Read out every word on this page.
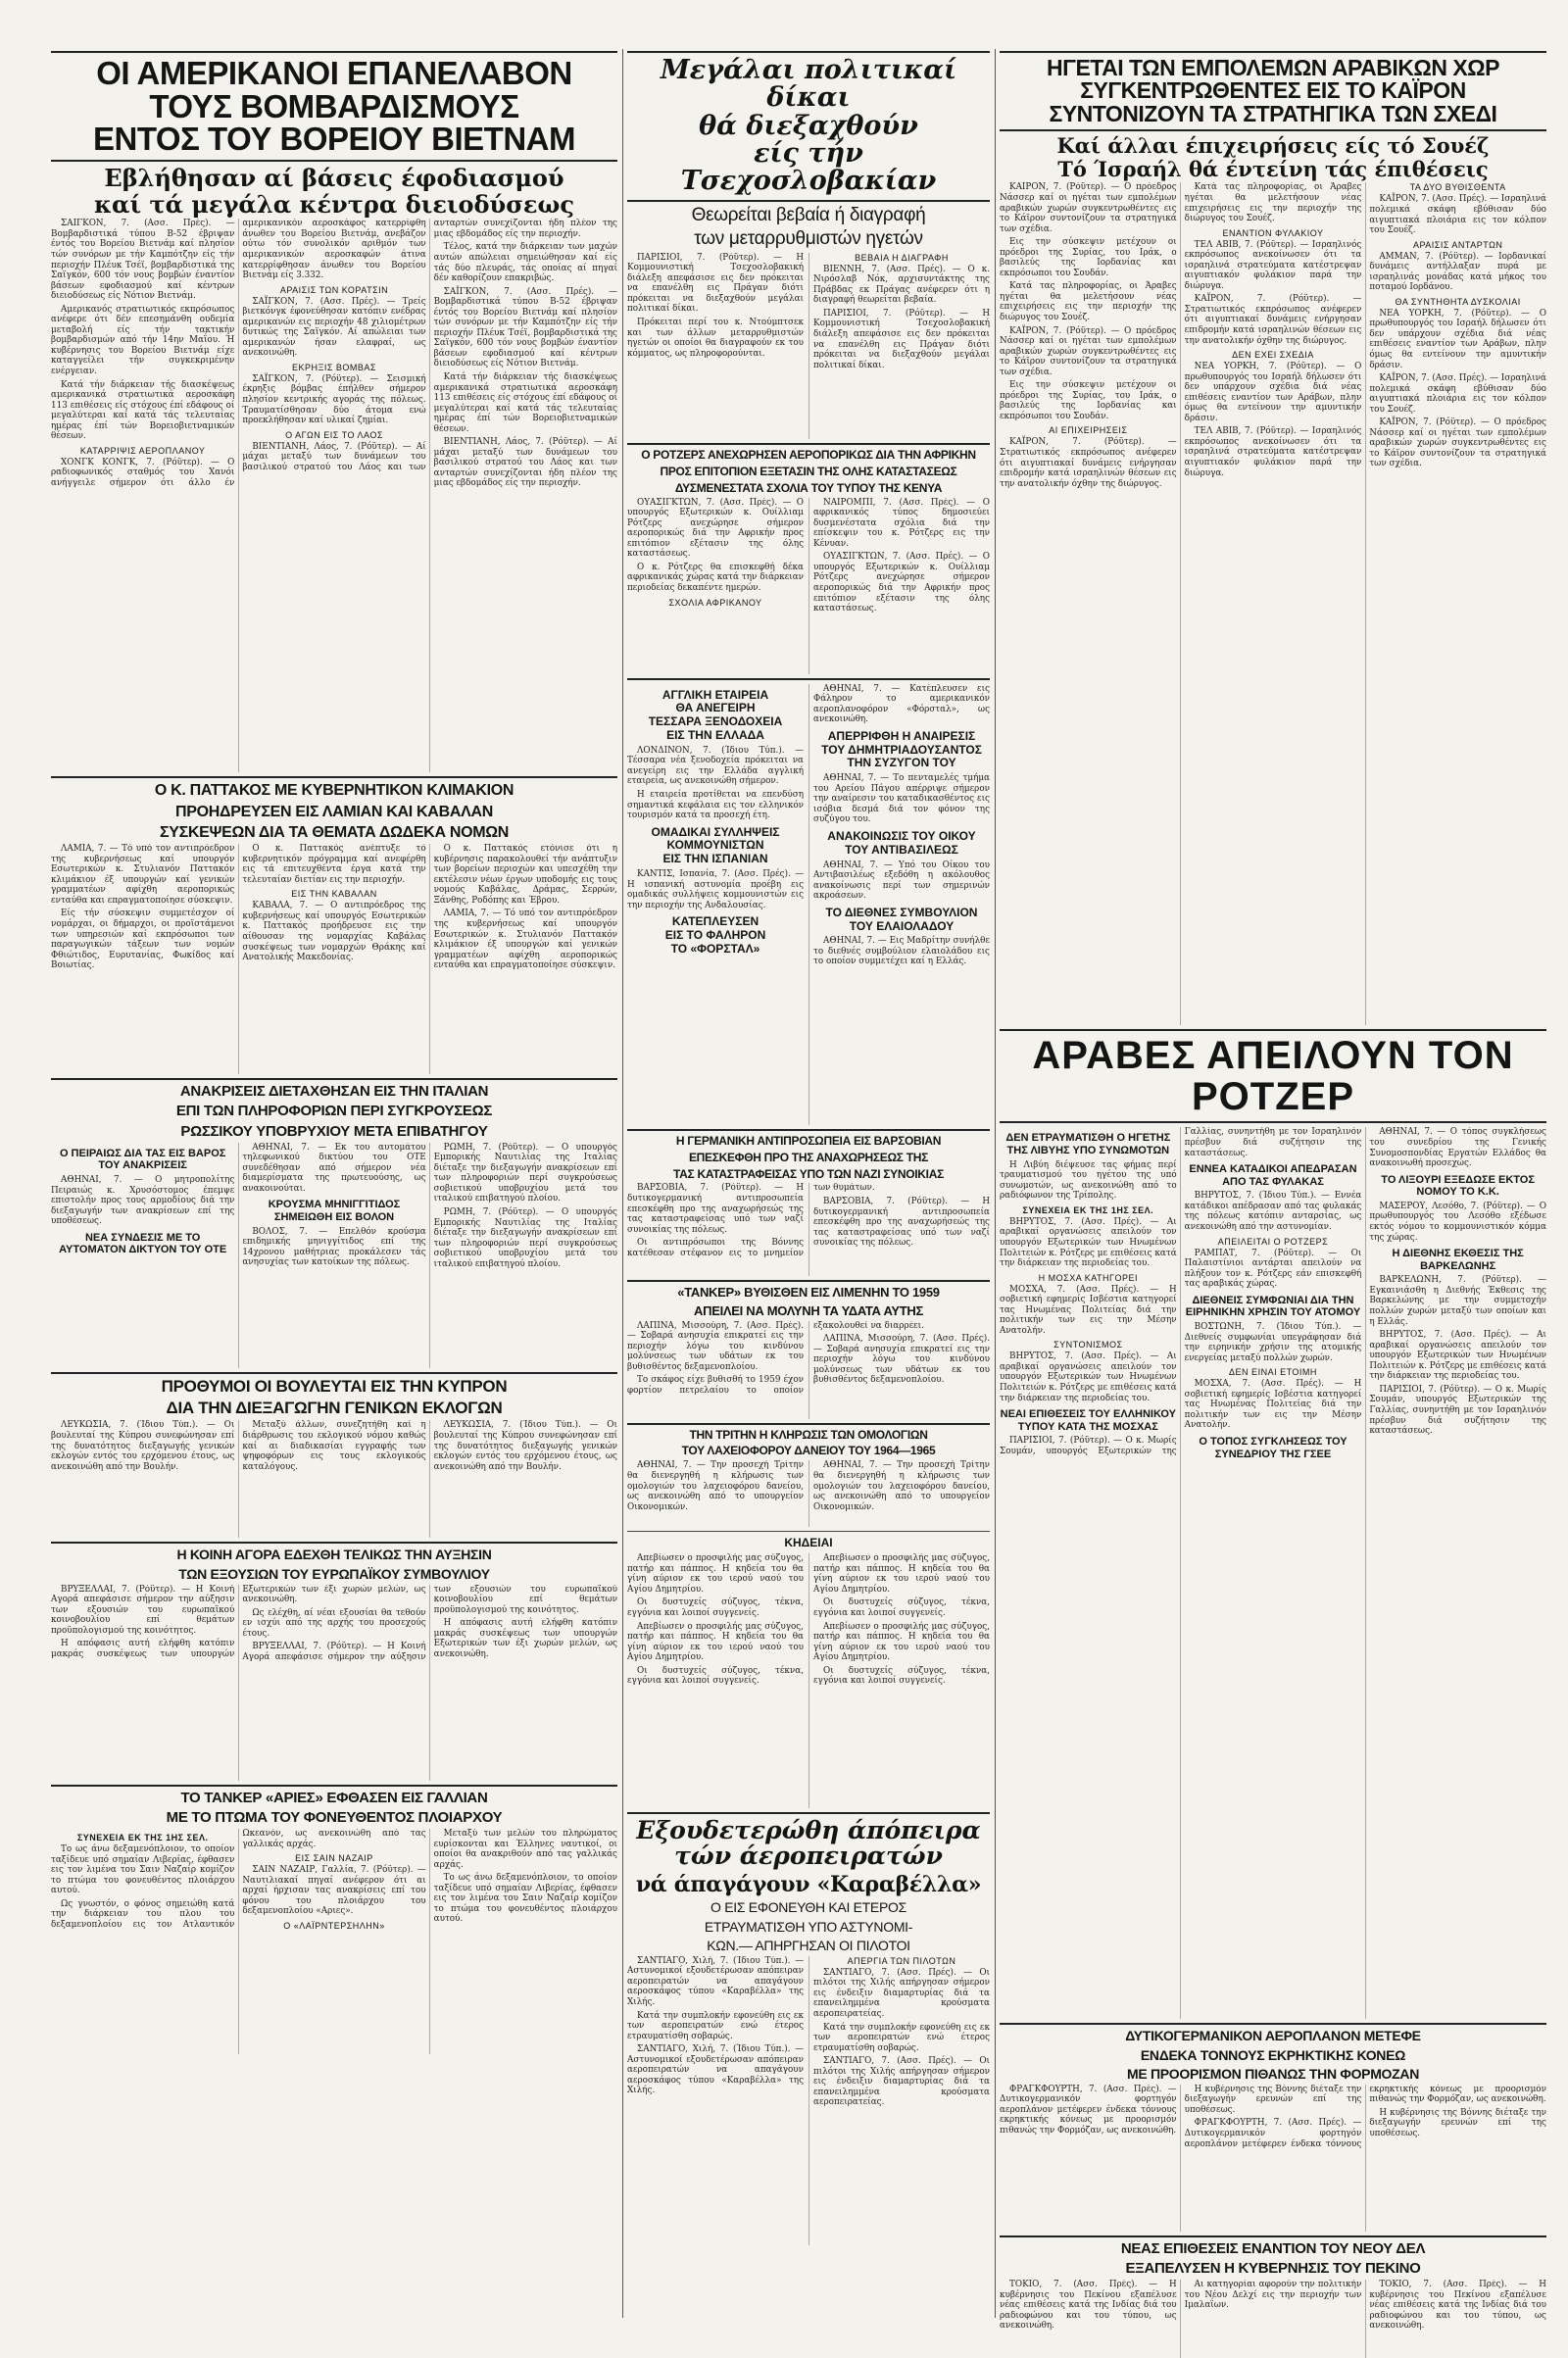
ΟΙ ΑΜΕΡΙΚΑΝΟΙ ΕΠΑΝΕΛΑΒΟΝ
ΤΟΥΣ ΒΟΜΒΑΡΔΙΣΜΟΥΣ
ΕΝΤΟΣ ΤΟΥ ΒΟΡΕΙΟΥ ΒΙΕΤΝΑΜ
Εβλήθησαν αί βάσεις έφοδιασμού
καί τά μεγάλα κέντρα διειοδύσεως

ΣΑΪΓΚΟΝ, 7. (Ασσ. Πρές). — Βομβαρδιστικά τύπου Β-52 έβριψαν έντός του Βορείου Βιετνάμ καί πλησίον τών συνόρων με τήν Καμπότζην είς τήν περιοχήν Πλέυκ Τσέϊ, βομβαρδιστικά της Σαϊγκόν, 600 τόν νους βομβών έναντίον βάσεων εφοδιασμού καί κέντρων διειοδύσεως είς Νότιον Βιετνάμ.

Αμερικανός στρατιωτικός εκπρόσωπος ανέφερε ότι δέν επεσημάνθη ουδεμία μεταβολή είς τήν τακτικήν βομβαρδισμών από τήν 14ην Μαΐου. Ή κυβέρνησις του Βορείου Βιετνάμ είχε καταγγείλει τήν συγκεκριμένην ενέργειαν.

Κατά τήν διάρκειαν τής διασκέψεως αμερικανικά στρατιωτικά αεροσκάφη 113 επιθέσεις είς στόχους έπί εδάφους οί μεγαλύτεραι καί κατά τάς τελευταίας ημέρας έπί τών Βορειοβιετναμικών θέσεων.

ΚΑΤΑΡΡΙΨΙΣ ΑΕΡΟΠΛΑΝΟΥ

ΧΟΝΓΚ ΚΟΝΓΚ, 7. (Ρόϋτερ). — Ο ραδιοφωνικός σταθμός του Χανόι ανήγγειλε σήμερον ότι άλλο έν αμερικανικόν αεροσκάφος κατερρίφθη άνωθεν του Βορείου Βιετνάμ, ανεβάζον ούτω τόν συνολικόν αριθμόν των αμερικανικών αεροσκαφών άτινα κατερρίφθησαν άνωθεν του Βορείου Βιετνάμ είς 3.332.

ΑΡΑΙΣΙΣ ΤΩΝ ΚΟΡΑΤΣΙΝ

ΣΑΪΓΚΟΝ, 7. (Ασσ. Πρές). — Τρείς βιετκόνγκ έφονεύθησαν κατόπιν ενέδρας αμερικανών εις περιοχήν 48 χιλιομέτρων δυτικώς της Σαϊγκόν. Αί απώλειαι των αμερικανών ήσαν ελαφραί, ως ανεκοινώθη.

ΕΚΡΗΞΙΣ ΒΟΜΒΑΣ

ΣΑΪΓΚΟΝ, 7. (Ρόϋτερ). — Σεισμική έκρηξις βόμβας έπήλθεν σήμερον πλησίον κεντρικής αγοράς της πόλεως. Τραυματίσθησαν δύο άτομα ενώ προεκλήθησαν καί υλικαί ζημίαι.

Ο ΑΓΩΝ ΕΙΣ ΤΟ ΛΑΟΣ

ΒΙΕΝΤΙΑΝΗ, Λάος, 7. (Ρόϋτερ). — Αί μάχαι μεταξύ των δυνάμεων του βασιλικού στρατού του Λάος και των ανταρτών συνεχίζονται ήδη πλέον της μιας εβδομάδος είς την περιοχήν.

Τέλος, κατά την διάρκειαν των μαχών αυτών απώλειαι σημειώθησαν καί είς τάς δύο πλευράς, τάς οποίας αί πηγαί δέν καθορίζουν επακριβώς.

ΣΑΪΓΚΟΝ, 7. (Ασσ. Πρές). — Βομβαρδιστικά τύπου Β-52 έβριψαν έντός του Βορείου Βιετνάμ καί πλησίον τών συνόρων με τήν Καμπότζην είς τήν περιοχήν Πλέυκ Τσέϊ, βομβαρδιστικά της Σαϊγκόν, 600 τόν νους βομβών έναντίον βάσεων εφοδιασμού καί κέντρων διειοδύσεως είς Νότιον Βιετνάμ.

Κατά τήν διάρκειαν τής διασκέψεως αμερικανικά στρατιωτικά αεροσκάφη 113 επιθέσεις είς στόχους έπί εδάφους οί μεγαλύτεραι καί κατά τάς τελευταίας ημέρας έπί τών Βορειοβιετναμικών θέσεων.

ΒΙΕΝΤΙΑΝΗ, Λάος, 7. (Ρόϋτερ). — Αί μάχαι μεταξύ των δυνάμεων του βασιλικού στρατού του Λάος και των ανταρτών συνεχίζονται ήδη πλέον της μιας εβδομάδος είς την περιοχήν.

Ο Κ. ΠΑΤΤΑΚΟΣ ΜΕ ΚΥΒΕΡΝΗΤΙΚΟΝ ΚΛΙΜΑΚΙΟΝ
ΠΡΟΗΔΡΕΥΣΕΝ ΕΙΣ ΛΑΜΙΑΝ ΚΑΙ ΚΑΒΑΛΑΝ
ΣΥΣΚΕΨΕΩΝ ΔΙΑ ΤΑ ΘΕΜΑΤΑ ΔΩΔΕΚΑ ΝΟΜΩΝ

ΛΑΜΙΑ, 7. — Τό υπό τον αντιπρόεδρον της κυβερνήσεως καί υπουργόν Εσωτερικών κ. Στυλιανόν Παττακόν κλιμάκιον έξ υπουργών καί γενικών γραμματέων αφίχθη αεροπορικώς ενταύθα και επραγματοποίησε σύσκεψιν.

Είς τήν σύσκεψιν συμμετέσχον οί νομάρχαι, οι δήμαρχοι, οι προϊστάμενοι των υπηρεσιών καί εκπρόσωποι των παραγωγικών τάξεων των νομών Φθιώτιδος, Ευρυτανίας, Φωκίδος καί Βοιωτίας.

Ο κ. Παττακός ανέπτυξε τό κυβερνητικόν πρόγραμμα καί ανεφέρθη εις τά επιτευχθέντα έργα κατά την τελευταίαν διετίαν εις την περιοχήν.

ΕΙΣ ΤΗΝ ΚΑΒΑΛΑΝ

ΚΑΒΑΛΑ, 7. — Ο αντιπρόεδρος της κυβερνήσεως καί υπουργός Εσωτερικών κ. Παττακός προήδρευσε εις την αίθουσαν της νομαρχίας Καβάλας συσκέψεως των νομαρχών Θράκης καί Ανατολικής Μακεδονίας.

Ο κ. Παττακός ετόνισε ότι η κυβέρνησις παρακολουθεί τήν ανάπτυξιν των βορείων περιοχών και υπεσχέθη την εκτέλεσιν νέων έργων υποδομής εις τους νομούς Καβάλας, Δράμας, Σερρών, Ξάνθης, Ροδόπης και Έβρου.

ΛΑΜΙΑ, 7. — Τό υπό τον αντιπρόεδρον της κυβερνήσεως καί υπουργόν Εσωτερικών κ. Στυλιανόν Παττακόν κλιμάκιον έξ υπουργών καί γενικών γραμματέων αφίχθη αεροπορικώς ενταύθα και επραγματοποίησε σύσκεψιν.

ΑΝΑΚΡΙΣΕΙΣ ΔΙΕΤΑΧΘΗΣΑΝ ΕΙΣ ΤΗΝ ΙΤΑΛΙΑΝ
ΕΠΙ ΤΩΝ ΠΛΗΡΟΦΟΡΙΩΝ ΠΕΡΙ ΣΥΓΚΡΟΥΣΕΩΣ
ΡΩΣΣΙΚΟΥ ΥΠΟΒΡΥΧΙΟΥ ΜΕΤΑ ΕΠΙΒΑΤΗΓΟΥ
Ο ΠΕΙΡΑΙΩΣ ΔΙΑ ΤΑΣ ΕΙΣ ΒΑΡΟΣ ΤΟΥ ΑΝΑΚΡΙΣΕΙΣ

ΑΘΗΝΑΙ, 7. — Ο μητροπολίτης Πειραιώς κ. Χρυσόστομος έπεμψε επιστολήν προς τους αρμοδίους διά την διεξαγωγήν των ανακρίσεων επί της υποθέσεως.

ΝΕΑ ΣΥΝΔΕΣΙΣ ΜΕ ΤΟ ΑΥΤΟΜΑΤΟΝ ΔΙΚΤΥΟΝ ΤΟΥ ΟΤΕ

ΑΘΗΝΑΙ, 7. — Εκ του αυτομάτου τηλεφωνικού δικτύου του ΟΤΕ συνεδέθησαν από σήμερον νέα διαμερίσματα της πρωτευούσης, ως ανακοινούται.

ΚΡΟΥΣΜΑ ΜΗΝΙΓΓΙΤΙΔΟΣ ΣΗΜΕΙΩΘΗ ΕΙΣ ΒΟΛΟΝ

ΒΟΛΟΣ, 7. — Επελθόν κρούσμα επιδημικής μηνιγγίτιδος επί της 14χρονου μαθήτριας προκάλεσεν τάς ανησυχίας των κατοίκων της πόλεως.

ΡΩΜΗ, 7. (Ρόϋτερ). — Ο υπουργός Εμπορικής Ναυτιλίας της Ιταλίας διέταξε την διεξαγωγήν ανακρίσεων επί των πληροφοριών περί συγκρούσεως σοβιετικού υποβρυχίου μετά του ιταλικού επιβατηγού πλοίου.

ΡΩΜΗ, 7. (Ρόϋτερ). — Ο υπουργός Εμπορικής Ναυτιλίας της Ιταλίας διέταξε την διεξαγωγήν ανακρίσεων επί των πληροφοριών περί συγκρούσεως σοβιετικού υποβρυχίου μετά του ιταλικού επιβατηγού πλοίου.

ΠΡΟΘΥΜΟΙ ΟΙ ΒΟΥΛΕΥΤΑΙ ΕΙΣ ΤΗΝ ΚΥΠΡΟΝ
ΔΙΑ ΤΗΝ ΔΙΕΞΑΓΩΓΗΝ ΓΕΝΙΚΩΝ ΕΚΛΟΓΩΝ

ΛΕΥΚΩΣΙΑ, 7. (Ίδιου Τύπ.). — Οι βουλευταί της Κύπρου συνεφώνησαν επί της δυνατότητος διεξαγωγής γενικών εκλογών εντός του ερχόμενου έτους, ως ανεκοινώθη από την Βουλήν.

Μεταξύ άλλων, συνεζητήθη καί η διάρθρωσις του εκλογικού νόμου καθώς καί αι διαδικασίαι εγγραφής των ψηφοφόρων εις τους εκλογικούς καταλόγους.

ΛΕΥΚΩΣΙΑ, 7. (Ίδιου Τύπ.). — Οι βουλευταί της Κύπρου συνεφώνησαν επί της δυνατότητος διεξαγωγής γενικών εκλογών εντός του ερχόμενου έτους, ως ανεκοινώθη από την Βουλήν.

Η ΚΟΙΝΗ ΑΓΟΡΑ ΕΔΕΧΘΗ ΤΕΛΙΚΩΣ ΤΗΝ ΑΥΞΗΣΙΝ
ΤΩΝ ΕΞΟΥΣΙΩΝ ΤΟΥ ΕΥΡΩΠΑΪΚΟΥ ΣΥΜΒΟΥΛΙΟΥ

ΒΡΥΞΕΛΛΑΙ, 7. (Ρόϋτερ). — Η Κοινή Αγορά απεφάσισε σήμερον την αύξησιν των εξουσιών του ευρωπαϊκού κοινοβουλίου επί θεμάτων προϋπολογισμού της κοινότητος.

Η απόφασις αυτή ελήφθη κατόπιν μακράς συσκέψεως των υπουργών Εξωτερικών των έξι χωρών μελών, ως ανεκοινώθη.

Ως ελέχθη, αί νέαι εξουσίαι θα τεθούν εν ισχύι από της αρχής του προσεχούς έτους.

ΒΡΥΞΕΛΛΑΙ, 7. (Ρόϋτερ). — Η Κοινή Αγορά απεφάσισε σήμερον την αύξησιν των εξουσιών του ευρωπαϊκού κοινοβουλίου επί θεμάτων προϋπολογισμού της κοινότητος.

Η απόφασις αυτή ελήφθη κατόπιν μακράς συσκέψεως των υπουργών Εξωτερικών των έξι χωρών μελών, ως ανεκοινώθη.

ΤΟ ΤΑΝΚΕΡ «ΑΡΙΕΣ» ΕΦΘΑΣΕΝ ΕΙΣ ΓΑΛΛΙΑΝ
ΜΕ ΤΟ ΠΤΩΜΑ ΤΟΥ ΦΟΝΕΥΘΕΝΤΟΣ ΠΛΟΙΑΡΧΟΥ
ΣΥΝΕΧΕΙΑ ΕΚ ΤΗΣ 1ΗΣ ΣΕΛ.

Το ως άνω δεξαμενόπλοιον, το οποίον ταξίδευε υπό σημαίαν Λιβερίας, έφθασεν εις τον λιμένα του Σαιν Ναζαίρ κομίζον το πτώμα του φονευθέντος πλοιάρχου αυτού.

Ως γνωστόν, ο φόνος σημειώθη κατά την διάρκειαν του πλου του δεξαμενοπλοίου εις τον Ατλαντικόν Ωκεανόν, ως ανεκοινώθη από τας γαλλικάς αρχάς.

ΕΙΣ ΣΑΙΝ ΝΑΖΑΙΡ

ΣΑΙΝ ΝΑΖΑΙΡ, Γαλλία, 7. (Ρόϋτερ). — Ναυτιλιακαί πηγαί ανέφερον ότι αι αρχαί ήρχισαν τας ανακρίσεις επί του φόνου του πλοιάρχου του δεξαμενοπλοίου «Αριες».

Ο «ΛΑΪΡΝΤΕΡΣΗΛΗΝ»

Μεταξύ των μελών του πληρώματος ευρίσκονται και Έλληνες ναυτικοί, οι οποίοι θα ανακριθούν από τας γαλλικάς αρχάς.

Το ως άνω δεξαμενόπλοιον, το οποίον ταξίδευε υπό σημαίαν Λιβερίας, έφθασεν εις τον λιμένα του Σαιν Ναζαίρ κομίζον το πτώμα του φονευθέντος πλοιάρχου αυτού.

Μεγάλαι πολιτικαί δίκαι
θά διεξαχθούν
είς τήν Τσεχοσλοβακίαν
Θεωρείται βεβαία ή διαγραφή
των μεταρρυθμιστών ηγετών

ΠΑΡΙΣΙΟΙ, 7. (Ρόϋτερ). — Η Κομμουνιστική Τσεχοσλοβακική διάλεξη απεφάσισε εις δεν πρόκειται να επανέλθη εις Πράγαν διότι πρόκειται να διεξαχθούν μεγάλαι πολιτικαί δίκαι.

Πρόκειται περί του κ. Ντούμπτσεκ και των άλλων μεταρρυθμιστών ηγετών οι οποίοι θα διαγραφούν εκ του κόμματος, ως πληροφορούνται.

ΒΕΒΑΙΑ Η ΔΙΑΓΡΑΦΗ

ΒΙΕΝΝΗ, 7. (Ασσ. Πρές). — Ο κ. Νιρόσλαβ Νόκ, αρχισυντάκτης της Πράβδας εκ Πράγας ανέφερεν ότι η διαγραφή θεωρείται βεβαία.

ΠΑΡΙΣΙΟΙ, 7. (Ρόϋτερ). — Η Κομμουνιστική Τσεχοσλοβακική διάλεξη απεφάσισε εις δεν πρόκειται να επανέλθη εις Πράγαν διότι πρόκειται να διεξαχθούν μεγάλαι πολιτικαί δίκαι.

Ο ΡΟΤΖΕΡΣ ΑΝΕΧΩΡΗΣΕΝ ΑΕΡΟΠΟΡΙΚΩΣ ΔΙΑ ΤΗΝ ΑΦΡΙΚΗΝ
ΠΡΟΣ ΕΠΙΤΟΠΙΟΝ ΕΞΕΤΑΣΙΝ ΤΗΣ ΟΛΗΣ ΚΑΤΑΣΤΑΣΕΩΣ
ΔΥΣΜΕΝΕΣΤΑΤΑ ΣΧΟΛΙΑ ΤΟΥ ΤΥΠΟΥ ΤΗΣ ΚΕΝΥΑ

ΟΥΑΣΙΓΚΤΩΝ, 7. (Ασσ. Πρές). — Ο υπουργός Εξωτερικών κ. Ουίλλιαμ Ρότζερς ανεχώρησε σήμερον αεροπορικώς διά την Αφρικήν προς επιτόπιον εξέτασιν της όλης καταστάσεως.

Ο κ. Ρότζερς θα επισκεφθή δέκα αφρικανικάς χώρας κατά την διάρκειαν περιοδείας δεκαπέντε ημερών.

ΣΧΟΛΙΑ ΑΦΡΙΚΑΝΟΥ

ΝΑΪΡΟΜΠΙ, 7. (Ασσ. Πρές). — Ο αφρικανικός τύπος δημοσιεύει δυσμενέστατα σχόλια διά την επίσκεψιν του κ. Ρότζερς εις την Κένυαν.

ΟΥΑΣΙΓΚΤΩΝ, 7. (Ασσ. Πρές). — Ο υπουργός Εξωτερικών κ. Ουίλλιαμ Ρότζερς ανεχώρησε σήμερον αεροπορικώς διά την Αφρικήν προς επιτόπιον εξέτασιν της όλης καταστάσεως.

ΑΓΓΛΙΚΗ ΕΤΑΙΡΕΙΑ
ΘΑ ΑΝΕΓΕΙΡΗ
ΤΕΣΣΑΡΑ ΞΕΝΟΔΟΧΕΙΑ
ΕΙΣ ΤΗΝ ΕΛΛΑΔΑ

ΛΟΝΔΙΝΟΝ, 7. (Ίδιου Τύπ.). — Τέσσαρα νέα ξενοδοχεία πρόκειται να ανεγείρη εις την Ελλάδα αγγλική εταιρεία, ως ανεκοινώθη σήμερον.

Η εταιρεία προτίθεται να επενδύση σημαντικά κεφάλαια εις τον ελληνικόν τουρισμόν κατά τα προσεχή έτη.

ΟΜΑΔΙΚΑΙ ΣΥΛΛΗΨΕΙΣ
ΚΟΜΜΟΥΝΙΣΤΩΝ
ΕΙΣ ΤΗΝ ΙΣΠΑΝΙΑΝ

ΚΑΝΤΙΣ, Ισπανία, 7. (Ασσ. Πρές). — Η ισπανική αστυνομία προέβη εις ομαδικάς συλλήψεις κομμουνιστών εις την περιοχήν της Ανδαλουσίας.

ΚΑΤΕΠΛΕΥΣΕΝ
ΕΙΣ ΤΟ ΦΑΛΗΡΟΝ
ΤΟ «ΦΟΡΣΤΑΛ»

ΑΘΗΝΑΙ, 7. — Κατέπλευσεν εις Φάληρον το αμερικανικόν αεροπλανοφόρον «Φόρσταλ», ως ανεκοινώθη.

ΑΠΕΡΡΙΦΘΗ Η ΑΝΑΙΡΕΣΙΣ
ΤΟΥ ΔΗΜΗΤΡΙΑΔΟΥΣΑΝΤΟΣ
ΤΗΝ ΣΥΖΥΓΟΝ ΤΟΥ

ΑΘΗΝΑΙ, 7. — Το πενταμελές τμήμα του Αρείου Πάγου απέρριψε σήμερον την αναίρεσιν του καταδικασθέντος εις ισόβια δεσμά διά τον φόνον της συζύγου του.

ΑΝΑΚΟΙΝΩΣΙΣ ΤΟΥ ΟΙΚΟΥ
ΤΟΥ ΑΝΤΙΒΑΣΙΛΕΩΣ

ΑΘΗΝΑΙ, 7. — Υπό του Οίκου του Αντιβασιλέως εξεδόθη η ακόλουθος ανακοίνωσις περί των σημερινών ακροάσεων.

ΤΟ ΔΙΕΘΝΕΣ ΣΥΜΒΟΥΛΙΟΝ
ΤΟΥ ΕΛΑΙΟΛΑΔΟΥ

ΑΘΗΝΑΙ, 7. — Εις Μαδρίτην συνήλθε το διεθνές συμβούλιον ελαιολάδου εις το οποίον συμμετέχει καί η Ελλάς.

Η ΓΕΡΜΑΝΙΚΗ ΑΝΤΙΠΡΟΣΩΠΕΙΑ ΕΙΣ ΒΑΡΣΟΒΙΑΝ
ΕΠΕΣΚΕΦΘΗ ΠΡΟ ΤΗΣ ΑΝΑΧΩΡΗΣΕΩΣ ΤΗΣ
ΤΑΣ ΚΑΤΑΣΤΡΑΦΕΙΣΑΣ ΥΠΟ ΤΩΝ ΝΑΖΙ ΣΥΝΟΙΚΙΑΣ

ΒΑΡΣΟΒΙΑ, 7. (Ρόϋτερ). — Η δυτικογερμανική αντιπροσωπεία επεσκέφθη προ της αναχωρήσεώς της τας καταστραφείσας υπό των ναζί συνοικίας της πόλεως.

Οι αντιπρόσωποι της Βόννης κατέθεσαν στέφανον εις το μνημείον των θυμάτων.

ΒΑΡΣΟΒΙΑ, 7. (Ρόϋτερ). — Η δυτικογερμανική αντιπροσωπεία επεσκέφθη προ της αναχωρήσεώς της τας καταστραφείσας υπό των ναζί συνοικίας της πόλεως.

«ΤΑΝΚΕΡ» ΒΥΘΙΣΘΕΝ ΕΙΣ ΛΙΜΕΝΗΝ ΤΟ 1959
ΑΠΕΙΛΕΙ ΝΑ ΜΟΛΥΝΗ ΤΑ ΥΔΑΤΑ ΑΥΤΗΣ

ΛΑΠΙΝΑ, Μισσούρη, 7. (Ασσ. Πρές). — Σοβαρά ανησυχία επικρατεί εις την περιοχήν λόγω του κινδύνου μολύνσεως των υδάτων εκ του βυθισθέντος δεξαμενοπλοίου.

Το σκάφος είχε βυθισθή το 1959 έχον φορτίον πετρελαίου το οποίον εξακολουθεί να διαρρέει.

ΛΑΠΙΝΑ, Μισσούρη, 7. (Ασσ. Πρές). — Σοβαρά ανησυχία επικρατεί εις την περιοχήν λόγω του κινδύνου μολύνσεως των υδάτων εκ του βυθισθέντος δεξαμενοπλοίου.

ΤΗΝ ΤΡΙΤΗΝ Η ΚΛΗΡΩΣΙΣ ΤΩΝ ΟΜΟΛΟΓΙΩΝ
ΤΟΥ ΛΑΧΕΙΟΦΟΡΟΥ ΔΑΝΕΙΟΥ ΤΟΥ 1964—1965

ΑΘΗΝΑΙ, 7. — Την προσεχή Τρίτην θα διενεργηθή η κλήρωσις των ομολογιών του λαχειοφόρου δανείου, ως ανεκοινώθη από το υπουργείον Οικονομικών.

ΑΘΗΝΑΙ, 7. — Την προσεχή Τρίτην θα διενεργηθή η κλήρωσις των ομολογιών του λαχειοφόρου δανείου, ως ανεκοινώθη από το υπουργείον Οικονομικών.

ΚΗΔΕΙΑΙ

Απεβίωσεν ο προσφιλής μας σύζυγος, πατήρ και πάππος. Η κηδεία του θα γίνη αύριον εκ του ιερού ναού του Αγίου Δημητρίου.

Οι δυστυχείς σύζυγος, τέκνα, εγγόνια και λοιποί συγγενείς.

Απεβίωσεν ο προσφιλής μας σύζυγος, πατήρ και πάππος. Η κηδεία του θα γίνη αύριον εκ του ιερού ναού του Αγίου Δημητρίου.

Οι δυστυχείς σύζυγος, τέκνα, εγγόνια και λοιποί συγγενείς.

Απεβίωσεν ο προσφιλής μας σύζυγος, πατήρ και πάππος. Η κηδεία του θα γίνη αύριον εκ του ιερού ναού του Αγίου Δημητρίου.

Οι δυστυχείς σύζυγος, τέκνα, εγγόνια και λοιποί συγγενείς.

Απεβίωσεν ο προσφιλής μας σύζυγος, πατήρ και πάππος. Η κηδεία του θα γίνη αύριον εκ του ιερού ναού του Αγίου Δημητρίου.

Οι δυστυχείς σύζυγος, τέκνα, εγγόνια και λοιποί συγγενείς.

Εξουδετερώθη άπόπειρα
τών άεροπειρατών
νά άπαγάγουν «Καραβέλλα»
Ο ΕΙΣ ΕΦΟΝΕΥΘΗ ΚΑΙ ΕΤΕΡΟΣ
ΕΤΡΑΥΜΑΤΙΣΘΗ ΥΠΟ ΑΣΤΥΝΟΜΙ-
ΚΩΝ.— ΑΠΗΡΓΗΣΑΝ ΟΙ ΠΙΛΟΤΟΙ

ΣΑΝΤΙΑΓΟ, Χιλή, 7. (Ίδιου Τύπ.). — Αστυνομικοί εξουδετέρωσαν απόπειραν αεροπειρατών να απαγάγουν αεροσκάφος τύπου «Καραβέλλα» της Χιλής.

Κατά την συμπλοκήν εφονεύθη εις εκ των αεροπειρατών ενώ έτερος ετραυματίσθη σοβαρώς.

ΣΑΝΤΙΑΓΟ, Χιλή, 7. (Ίδιου Τύπ.). — Αστυνομικοί εξουδετέρωσαν απόπειραν αεροπειρατών να απαγάγουν αεροσκάφος τύπου «Καραβέλλα» της Χιλής.

ΑΠΕΡΓΙΑ ΤΩΝ ΠΙΛΟΤΩΝ

ΣΑΝΤΙΑΓΟ, 7. (Ασσ. Πρές). — Οι πιλότοι της Χιλής απήργησαν σήμερον εις ένδειξιν διαμαρτυρίας διά τα επανειλημμένα κρούσματα αεροπειρατείας.

Κατά την συμπλοκήν εφονεύθη εις εκ των αεροπειρατών ενώ έτερος ετραυματίσθη σοβαρώς.

ΣΑΝΤΙΑΓΟ, 7. (Ασσ. Πρές). — Οι πιλότοι της Χιλής απήργησαν σήμερον εις ένδειξιν διαμαρτυρίας διά τα επανειλημμένα κρούσματα αεροπειρατείας.

ΗΓΕΤΑΙ ΤΩΝ ΕΜΠΟΛΕΜΩΝ ΑΡΑΒΙΚΩΝ ΧΩΡ
ΣΥΓΚΕΝΤΡΩΘΕΝΤΕΣ ΕΙΣ ΤΟ ΚΑΪΡΟΝ
ΣΥΝΤΟΝΙΖΟΥΝ ΤΑ ΣΤΡΑΤΗΓΙΚΑ ΤΩΝ ΣΧΕΔΙ
Καί άλλαι έπιχειρήσεις είς τό Σουέζ
Τό Ίσραήλ θά έντείνη τάς έπιθέσεις

ΚΑΪΡΟΝ, 7. (Ρόϋτερ). — Ο πρόεδρος Νάσσερ καί οι ηγέται των εμπολέμων αραβικών χωρών συγκεντρωθέντες εις το Κάϊρον συντονίζουν τα στρατηγικά των σχέδια.

Εις την σύσκεψιν μετέχουν οι πρόεδροι της Συρίας, του Ιράκ, ο βασιλεύς της Ιορδανίας και εκπρόσωποι του Σουδάν.

Κατά τας πληροφορίας, οι Άραβες ηγέται θα μελετήσουν νέας επιχειρήσεις εις την περιοχήν της διώρυγος του Σουέζ.

ΚΑΪΡΟΝ, 7. (Ρόϋτερ). — Ο πρόεδρος Νάσσερ καί οι ηγέται των εμπολέμων αραβικών χωρών συγκεντρωθέντες εις το Κάϊρον συντονίζουν τα στρατηγικά των σχέδια.

Εις την σύσκεψιν μετέχουν οι πρόεδροι της Συρίας, του Ιράκ, ο βασιλεύς της Ιορδανίας και εκπρόσωποι του Σουδάν.

ΑΙ ΕΠΙΧΕΙΡΗΣΕΙΣ

ΚΑΪΡΟΝ, 7. (Ρόϋτερ). — Στρατιωτικός εκπρόσωπος ανέφερεν ότι αιγυπτιακαί δυνάμεις ενήργησαν επιδρομήν κατά ισραηλινών θέσεων εις την ανατολικήν όχθην της διώρυγος.

Κατά τας πληροφορίας, οι Άραβες ηγέται θα μελετήσουν νέας επιχειρήσεις εις την περιοχήν της διώρυγος του Σουέζ.

ΕΝΑΝΤΙΟΝ ΦΥΛΑΚΙΟΥ

ΤΕΛ ΑΒΙΒ, 7. (Ρόϋτερ). — Ισραηλινός εκπρόσωπος ανεκοίνωσεν ότι τα ισραηλινά στρατεύματα κατέστρεψαν αιγυπτιακόν φυλάκιον παρά την διώρυγα.

ΚΑΪΡΟΝ, 7. (Ρόϋτερ). — Στρατιωτικός εκπρόσωπος ανέφερεν ότι αιγυπτιακαί δυνάμεις ενήργησαν επιδρομήν κατά ισραηλινών θέσεων εις την ανατολικήν όχθην της διώρυγος.

ΔΕΝ ΕΧΕΙ ΣΧΕΔΙΑ

ΝΕΑ ΥΟΡΚΗ, 7. (Ρόϋτερ). — Ο πρωθυπουργός του Ισραήλ δήλωσεν ότι δεν υπάρχουν σχέδια διά νέας επιθέσεις εναντίον των Αράβων, πλην όμως θα εντείνουν την αμυντικήν δράσιν.

ΤΕΛ ΑΒΙΒ, 7. (Ρόϋτερ). — Ισραηλινός εκπρόσωπος ανεκοίνωσεν ότι τα ισραηλινά στρατεύματα κατέστρεψαν αιγυπτιακόν φυλάκιον παρά την διώρυγα.

ΤΑ ΔΥΟ ΒΥΘΙΣΘΕΝΤΑ

ΚΑΪΡΟΝ, 7. (Ασσ. Πρές). — Ισραηλινά πολεμικά σκάφη εβύθισαν δύο αιγυπτιακά πλοιάρια εις τον κόλπον του Σουέζ.

ΑΡΑΙΣΙΣ ΑΝΤΑΡΤΩΝ

ΑΜΜΑΝ, 7. (Ρόϋτερ). — Ιορδανικαί δυνάμεις αντήλλαξαν πυρά με ισραηλινάς μονάδας κατά μήκος του ποταμού Ιορδάνου.

ΘΑ ΣΥΝΤΗΘΗΤΑ ΔΥΣΚΟΛΙΑΙ

ΝΕΑ ΥΟΡΚΗ, 7. (Ρόϋτερ). — Ο πρωθυπουργός του Ισραήλ δήλωσεν ότι δεν υπάρχουν σχέδια διά νέας επιθέσεις εναντίον των Αράβων, πλην όμως θα εντείνουν την αμυντικήν δράσιν.

ΚΑΪΡΟΝ, 7. (Ασσ. Πρές). — Ισραηλινά πολεμικά σκάφη εβύθισαν δύο αιγυπτιακά πλοιάρια εις τον κόλπον του Σουέζ.

ΚΑΪΡΟΝ, 7. (Ρόϋτερ). — Ο πρόεδρος Νάσσερ καί οι ηγέται των εμπολέμων αραβικών χωρών συγκεντρωθέντες εις το Κάϊρον συντονίζουν τα στρατηγικά των σχέδια.

ΑΡΑΒΕΣ ΑΠΕΙΛΟΥΝ ΤΟΝ ΡΟΤΖΕΡ
ΔΕΝ ΕΤΡΑΥΜΑΤΙΣΘΗ Ο ΗΓΕΤΗΣ ΤΗΣ ΛΙΒΥΗΣ ΥΠΟ ΣΥΝΩΜΟΤΩΝ

Η Λιβύη διέψευσε τας φήμας περί τραυματισμού του ηγέτου της υπό συνωμοτών, ως ανεκοινώθη από το ραδιόφωνον της Τρίπολης.

ΣΥΝΕΧΕΙΑ ΕΚ ΤΗΣ 1ΗΣ ΣΕΛ.

ΒΗΡΥΤΟΣ, 7. (Ασσ. Πρές). — Αι αραβικαί οργανώσεις απειλούν τον υπουργόν Εξωτερικών των Ηνωμένων Πολιτειών κ. Ρότζερς με επιθέσεις κατά την διάρκειαν της περιοδείας του.

Η ΜΟΣΧΑ ΚΑΤΗΓΟΡΕΙ

ΜΟΣΧΑ, 7. (Ασσ. Πρές). — Η σοβιετική εφημερίς Ισβέστια κατηγορεί τας Ηνωμένας Πολιτείας διά την πολιτικήν των εις την Μέσην Ανατολήν.

ΣΥΝΤΟΝΙΣΜΟΣ

ΒΗΡΥΤΟΣ, 7. (Ασσ. Πρές). — Αι αραβικαί οργανώσεις απειλούν τον υπουργόν Εξωτερικών των Ηνωμένων Πολιτειών κ. Ρότζερς με επιθέσεις κατά την διάρκειαν της περιοδείας του.

ΝΕΑΙ ΕΠΙΘΕΣΕΙΣ ΤΟΥ ΕΛΛΗΝΙΚΟΥ ΤΥΠΟΥ ΚΑΤΑ ΤΗΣ ΜΟΣΧΑΣ

ΠΑΡΙΣΙΟΙ, 7. (Ρόϋτερ). — Ο κ. Μωρίς Σουμάν, υπουργός Εξωτερικών της Γαλλίας, συνηντήθη με τον Ισραηλινόν πρέσβυν διά συζήτησιν της καταστάσεως.

ΕΝΝΕΑ ΚΑΤΑΔΙΚΟΙ ΑΠΕΔΡΑΣΑΝ ΑΠΟ ΤΑΣ ΦΥΛΑΚΑΣ

ΒΗΡΥΤΟΣ, 7. (Ίδιου Τύπ.). — Εννέα κατάδικοι απέδρασαν από τας φυλακάς της πόλεως κατόπιν ανταρσίας, ως ανεκοινώθη από την αστυνομίαν.

ΑΠΕΙΛΕΙΤΑΙ Ο ΡΟΤΖΕΡΣ

ΡΑΜΠΑΤ, 7. (Ρόϋτερ). — Οι Παλαιστίνιοι αντάρται απειλούν να πλήξουν τον κ. Ρότζερς εάν επισκεφθή τας αραβικάς χώρας.

ΔΙΕΘΝΕΙΣ ΣΥΜΦΩΝΙΑΙ ΔΙΑ ΤΗΝ ΕΙΡΗΝΙΚΗΝ ΧΡΗΣΙΝ ΤΟΥ ΑΤΟΜΟΥ

ΒΟΣΤΩΝΗ, 7. (Ίδιου Τύπ.). — Διεθνείς συμφωνίαι υπεγράφησαν διά την ειρηνικήν χρήσιν της ατομικής ενεργείας μεταξύ πολλών χωρών.

ΔΕΝ ΕΙΝΑΙ ΕΤΟΙΜΗ

ΜΟΣΧΑ, 7. (Ασσ. Πρές). — Η σοβιετική εφημερίς Ισβέστια κατηγορεί τας Ηνωμένας Πολιτείας διά την πολιτικήν των εις την Μέσην Ανατολήν.

Ο ΤΟΠΟΣ ΣΥΓΚΛΗΣΕΩΣ ΤΟΥ ΣΥΝΕΔΡΙΟΥ ΤΗΣ ΓΣΕΕ

ΑΘΗΝΑΙ, 7. — Ο τόπος συγκλήσεως του συνεδρίου της Γενικής Συνομοσπονδίας Εργατών Ελλάδος θα ανακοινωθή προσεχώς.

ΤΟ ΛΙΞΟΥΡΙ ΕΞΕΔΩΣΕ ΕΚΤΟΣ ΝΟΜΟΥ ΤΟ Κ.Κ.

ΜΑΣΕΡΟΥ, Λεσόθο, 7. (Ρόϋτερ). — Ο πρωθυπουργός του Λεσόθο εξέδωσε εκτός νόμου το κομμουνιστικόν κόμμα της χώρας.

Η ΔΙΕΘΝΗΣ ΕΚΘΕΣΙΣ ΤΗΣ ΒΑΡΚΕΛΩΝΗΣ

ΒΑΡΚΕΛΩΝΗ, 7. (Ρόϋτερ). — Εγκαινιάσθη η Διεθνής Έκθεσις της Βαρκελώνης με την συμμετοχήν πολλών χωρών μεταξύ των οποίων και η Ελλάς.

ΒΗΡΥΤΟΣ, 7. (Ασσ. Πρές). — Αι αραβικαί οργανώσεις απειλούν τον υπουργόν Εξωτερικών των Ηνωμένων Πολιτειών κ. Ρότζερς με επιθέσεις κατά την διάρκειαν της περιοδείας του.

ΠΑΡΙΣΙΟΙ, 7. (Ρόϋτερ). — Ο κ. Μωρίς Σουμάν, υπουργός Εξωτερικών της Γαλλίας, συνηντήθη με τον Ισραηλινόν πρέσβυν διά συζήτησιν της καταστάσεως.

ΔΥΤΙΚΟΓΕΡΜΑΝΙΚΟΝ ΑΕΡΟΠΛΑΝΟΝ ΜΕΤΕΦΕ
ΕΝΔΕΚΑ ΤΟΝΝΟΥΣ ΕΚΡΗΚΤΙΚΗΣ ΚΟΝΕΩ
ΜΕ ΠΡΟΟΡΙΣΜΟΝ ΠΙΘΑΝΩΣ ΤΗΝ ΦΟΡΜΟΖΑΝ

ΦΡΑΓΚΦΟΥΡΤΗ, 7. (Ασσ. Πρές). — Δυτικογερμανικόν φορτηγόν αεροπλάνον μετέφερεν ένδεκα τόννους εκρηκτικής κόνεως με προορισμόν πιθανώς την Φορμόζαν, ως ανεκοινώθη.

Η κυβέρνησις της Βόννης διέταξε την διεξαγωγήν ερευνών επί της υποθέσεως.

ΦΡΑΓΚΦΟΥΡΤΗ, 7. (Ασσ. Πρές). — Δυτικογερμανικόν φορτηγόν αεροπλάνον μετέφερεν ένδεκα τόννους εκρηκτικής κόνεως με προορισμόν πιθανώς την Φορμόζαν, ως ανεκοινώθη.

Η κυβέρνησις της Βόννης διέταξε την διεξαγωγήν ερευνών επί της υποθέσεως.

ΝΕΑΣ ΕΠΙΘΕΣΕΙΣ ΕΝΑΝΤΙΟΝ ΤΟΥ ΝΕΟΥ ΔΕΛ
ΕΞΑΠΕΛΥΣΕΝ Η ΚΥΒΕΡΝΗΣΙΣ ΤΟΥ ΠΕΚΙΝΟ

ΤΟΚΙΟ, 7. (Ασσ. Πρές). — Η κυβέρνησις του Πεκίνου εξαπέλυσε νέας επιθέσεις κατά της Ινδίας διά του ραδιοφώνου και του τύπου, ως ανεκοινώθη.

Αι κατηγορίαι αφορούν την πολιτικήν του Νέου Δελχί εις την περιοχήν των Ιμαλαΐων.

ΤΟΚΙΟ, 7. (Ασσ. Πρές). — Η κυβέρνησις του Πεκίνου εξαπέλυσε νέας επιθέσεις κατά της Ινδίας διά του ραδιοφώνου και του τύπου, ως ανεκοινώθη.
